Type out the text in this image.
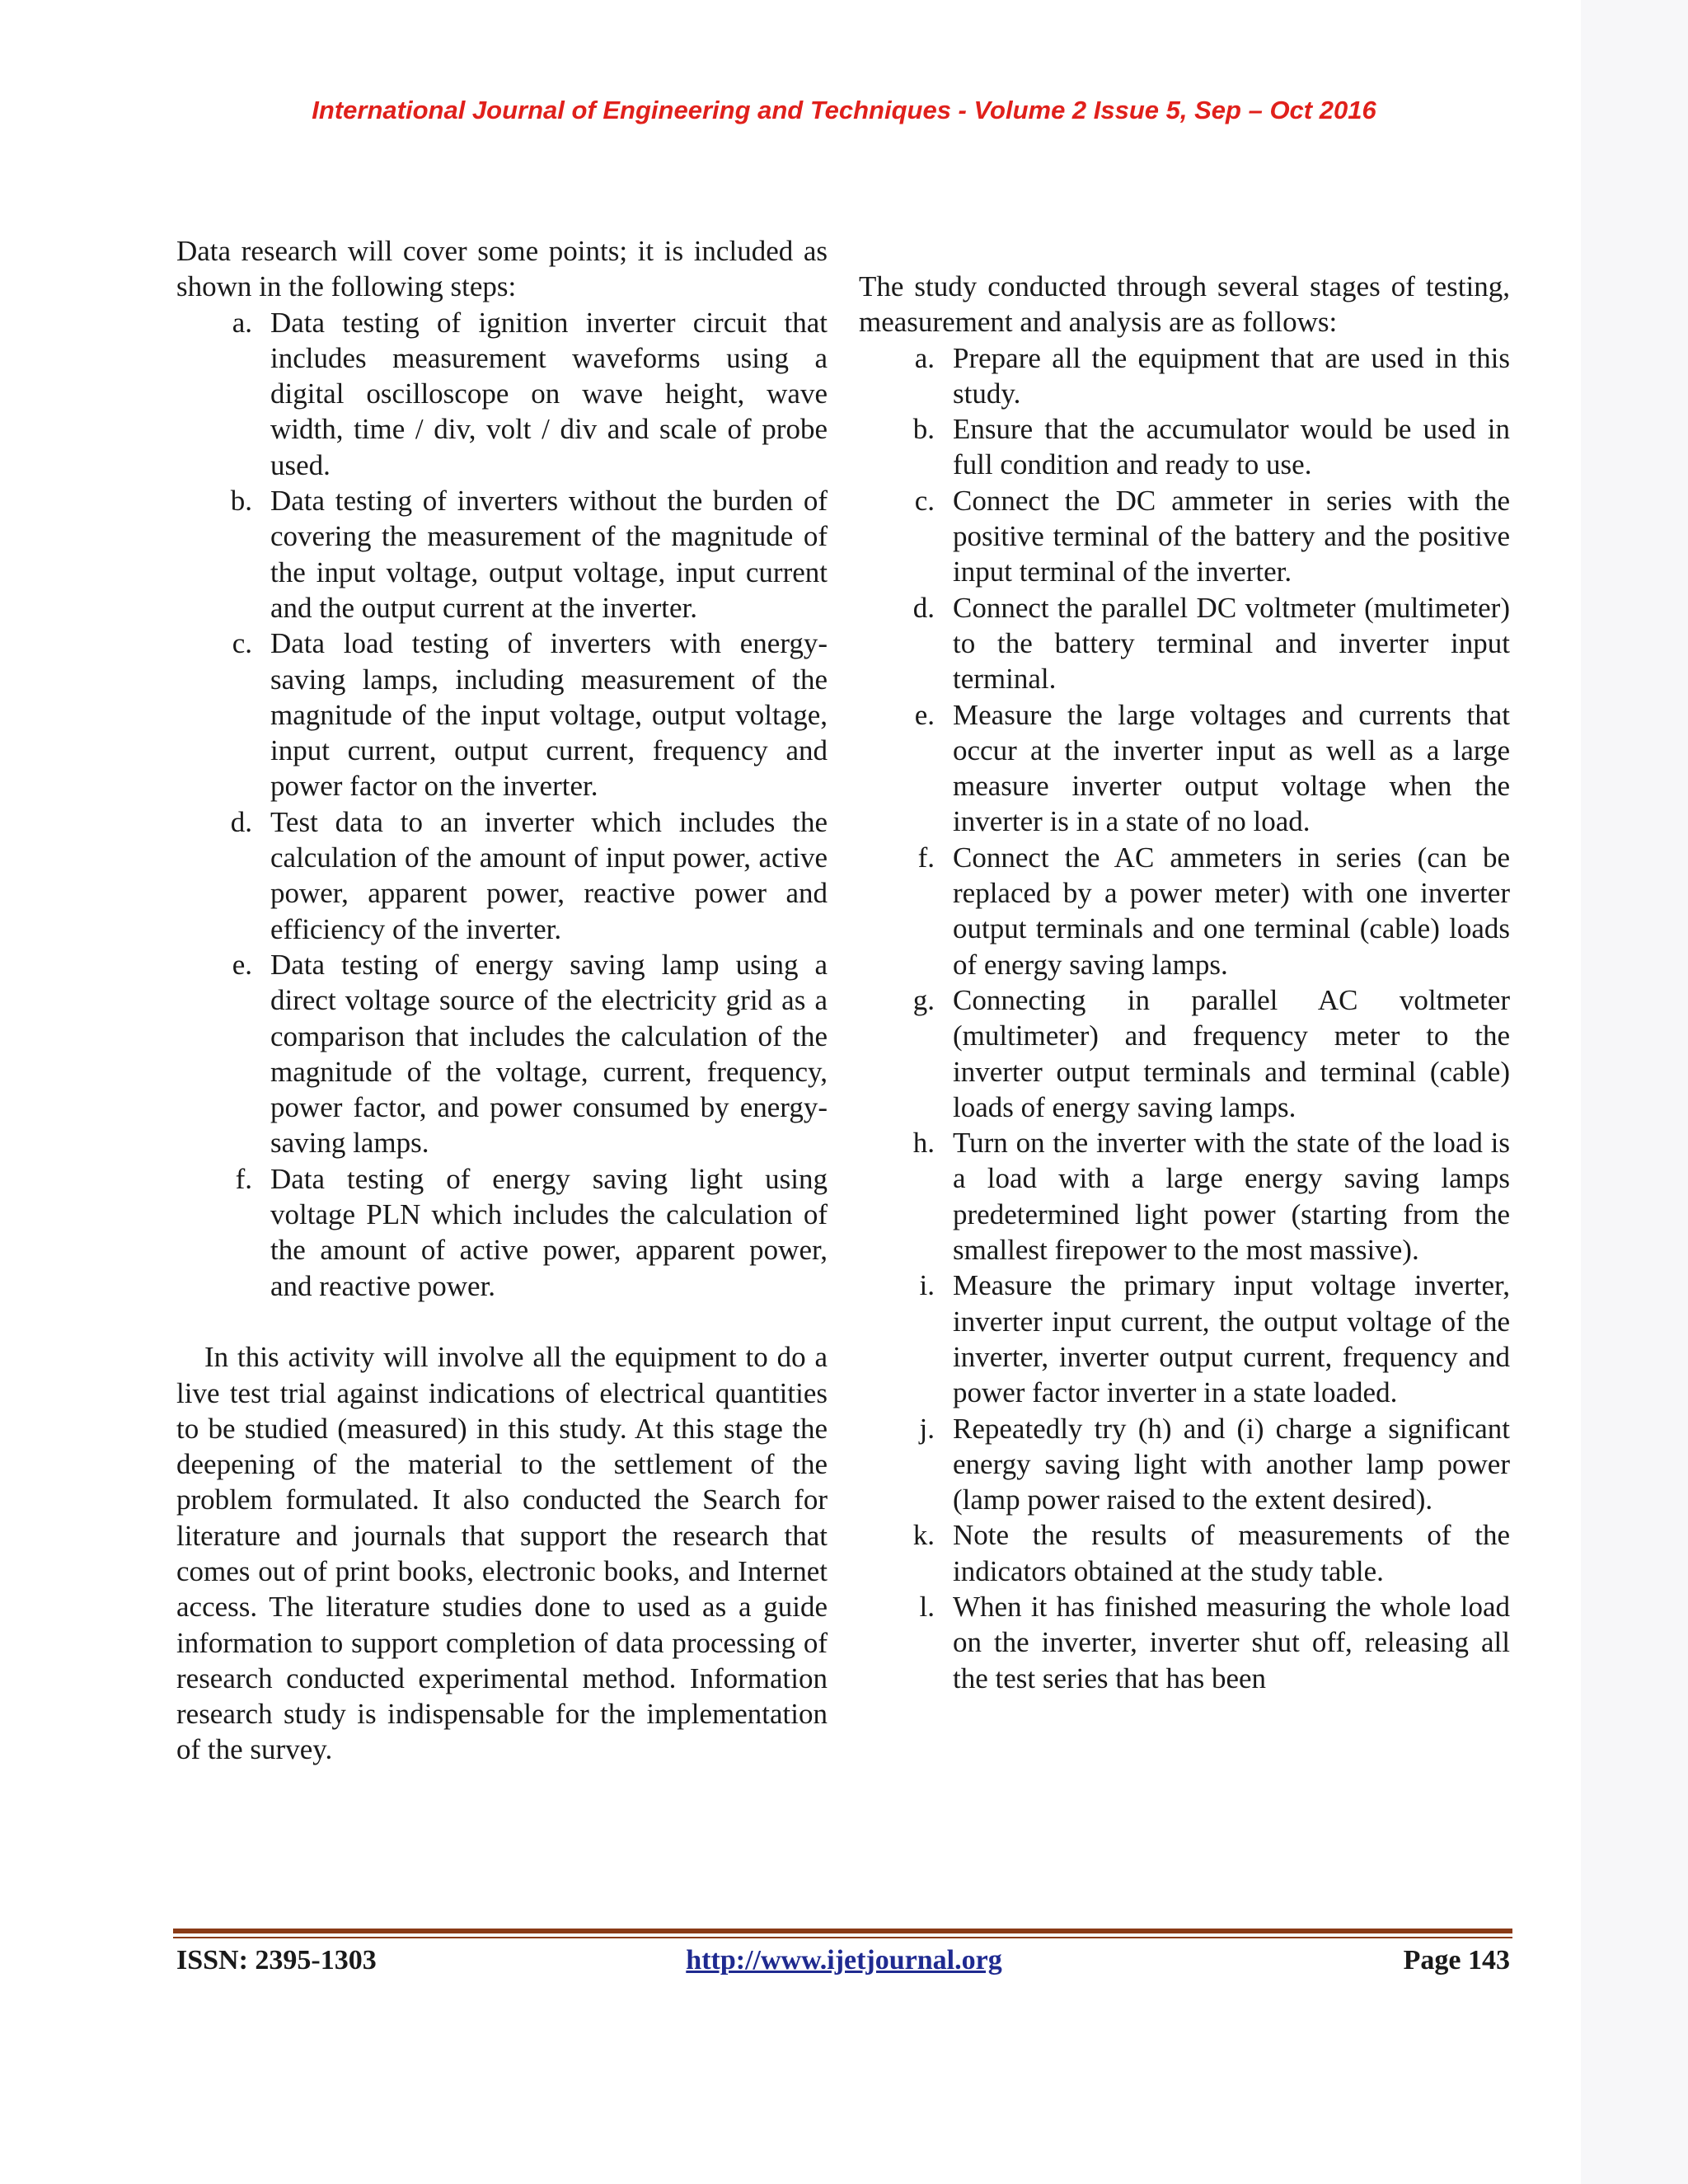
International Journal of Engineering and Techniques - Volume 2 Issue 5, Sep – Oct 2016

Data research will cover some points; it is included as shown in the following steps:

a. Data testing of ignition inverter circuit that includes measurement waveforms using a digital oscilloscope on wave height, wave width, time / div, volt / div and scale of probe used.
b. Data testing of inverters without the burden of covering the measurement of the magnitude of the input voltage, output voltage, input current and the output current at the inverter.
c. Data load testing of inverters with energy-saving lamps, including measurement of the magnitude of the input voltage, output voltage, input current, output current, frequency and power factor on the inverter.
d. Test data to an inverter which includes the calculation of the amount of input power, active power, apparent power, reactive power and efficiency of the inverter.
e. Data testing of energy saving lamp using a direct voltage source of the electricity grid as a comparison that includes the calculation of the magnitude of the voltage, current, frequency, power factor, and power consumed by energy-saving lamps.
f. Data testing of energy saving light using voltage PLN which includes the calculation of the amount of active power, apparent power, and reactive power.

In this activity will involve all the equipment to do a live test trial against indications of electrical quantities to be studied (measured) in this study. At this stage the deepening of the material to the settlement of the problem formulated. It also conducted the Search for literature and journals that support the research that comes out of print books, electronic books, and Internet access. The literature studies done to used as a guide information to support completion of data processing of research conducted experimental method. Information research study is indispensable for the implementation of the survey.

The study conducted through several stages of testing, measurement and analysis are as follows:

a. Prepare all the equipment that are used in this study.
b. Ensure that the accumulator would be used in full condition and ready to use.
c. Connect the DC ammeter in series with the positive terminal of the battery and the positive input terminal of the inverter.
d. Connect the parallel DC voltmeter (multimeter) to the battery terminal and inverter input terminal.
e. Measure the large voltages and currents that occur at the inverter input as well as a large measure inverter output voltage when the inverter is in a state of no load.
f. Connect the AC ammeters in series (can be replaced by a power meter) with one inverter output terminals and one terminal (cable) loads of energy saving lamps.
g. Connecting in parallel AC voltmeter (multimeter) and frequency meter to the inverter output terminals and terminal (cable) loads of energy saving lamps.
h. Turn on the inverter with the state of the load is a load with a large energy saving lamps predetermined light power (starting from the smallest firepower to the most massive).
i. Measure the primary input voltage inverter, inverter input current, the output voltage of the inverter, inverter output current, frequency and power factor inverter in a state loaded.
j. Repeatedly try (h) and (i) charge a significant energy saving light with another lamp power (lamp power raised to the extent desired).
k. Note the results of measurements of the indicators obtained at the study table.
l. When it has finished measuring the whole load on the inverter, inverter shut off, releasing all the test series that has been
ISSN: 2395-1303	http://www.ijetjournal.org	Page 143
